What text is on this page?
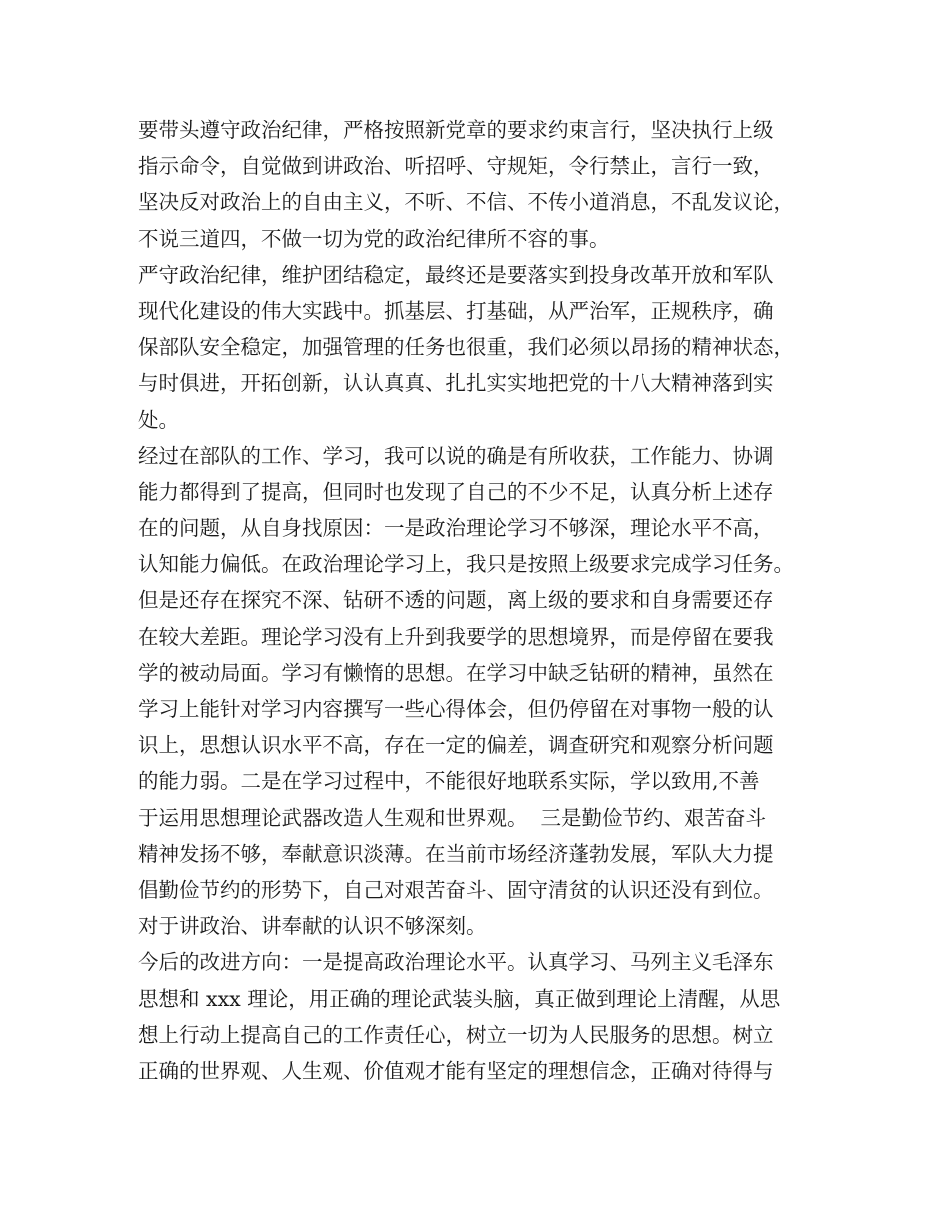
要带头遵守政治纪律，严格按照新党章的要求约束言行，坚决执行上级
指示命令，自觉做到讲政治、听招呼、守规矩，令行禁止，言行一致，
坚决反对政治上的自由主义，不听、不信、不传小道消息，不乱发议论，
不说三道四，不做一切为党的政治纪律所不容的事。
严守政治纪律，维护团结稳定，最终还是要落实到投身改革开放和军队
现代化建设的伟大实践中。抓基层、打基础，从严治军，正规秩序，确
保部队安全稳定，加强管理的任务也很重，我们必须以昂扬的精神状态，
与时俱进，开拓创新，认认真真、扎扎实实地把党的十八大精神落到实
处。
经过在部队的工作、学习，我可以说的确是有所收获，工作能力、协调
能力都得到了提高，但同时也发现了自己的不少不足，认真分析上述存
在的问题，从自身找原因：一是政治理论学习不够深，理论水平不高，
认知能力偏低。在政治理论学习上，我只是按照上级要求完成学习任务。
但是还存在探究不深、钻研不透的问题，离上级的要求和自身需要还存
在较大差距。理论学习没有上升到我要学的思想境界，而是停留在要我
学的被动局面。学习有懒惰的思想。在学习中缺乏钻研的精神，虽然在
学习上能针对学习内容撰写一些心得体会，但仍停留在对事物一般的认
识上，思想认识水平不高，存在一定的偏差，调查研究和观察分析问题
的能力弱。二是在学习过程中，不能很好地联系实际，学以致用,不善
于运用思想理论武器改造人生观和世界观。  三是勤俭节约、艰苦奋斗
精神发扬不够，奉献意识淡薄。在当前市场经济蓬勃发展，军队大力提
倡勤俭节约的形势下，自己对艰苦奋斗、固守清贫的认识还没有到位。
对于讲政治、讲奉献的认识不够深刻。
今后的改进方向：一是提高政治理论水平。认真学习、马列主义毛泽东
思想和 xxx 理论，用正确的理论武装头脑，真正做到理论上清醒，从思
想上行动上提高自己的工作责任心，树立一切为人民服务的思想。树立
正确的世界观、人生观、价值观才能有坚定的理想信念，正确对待得与
